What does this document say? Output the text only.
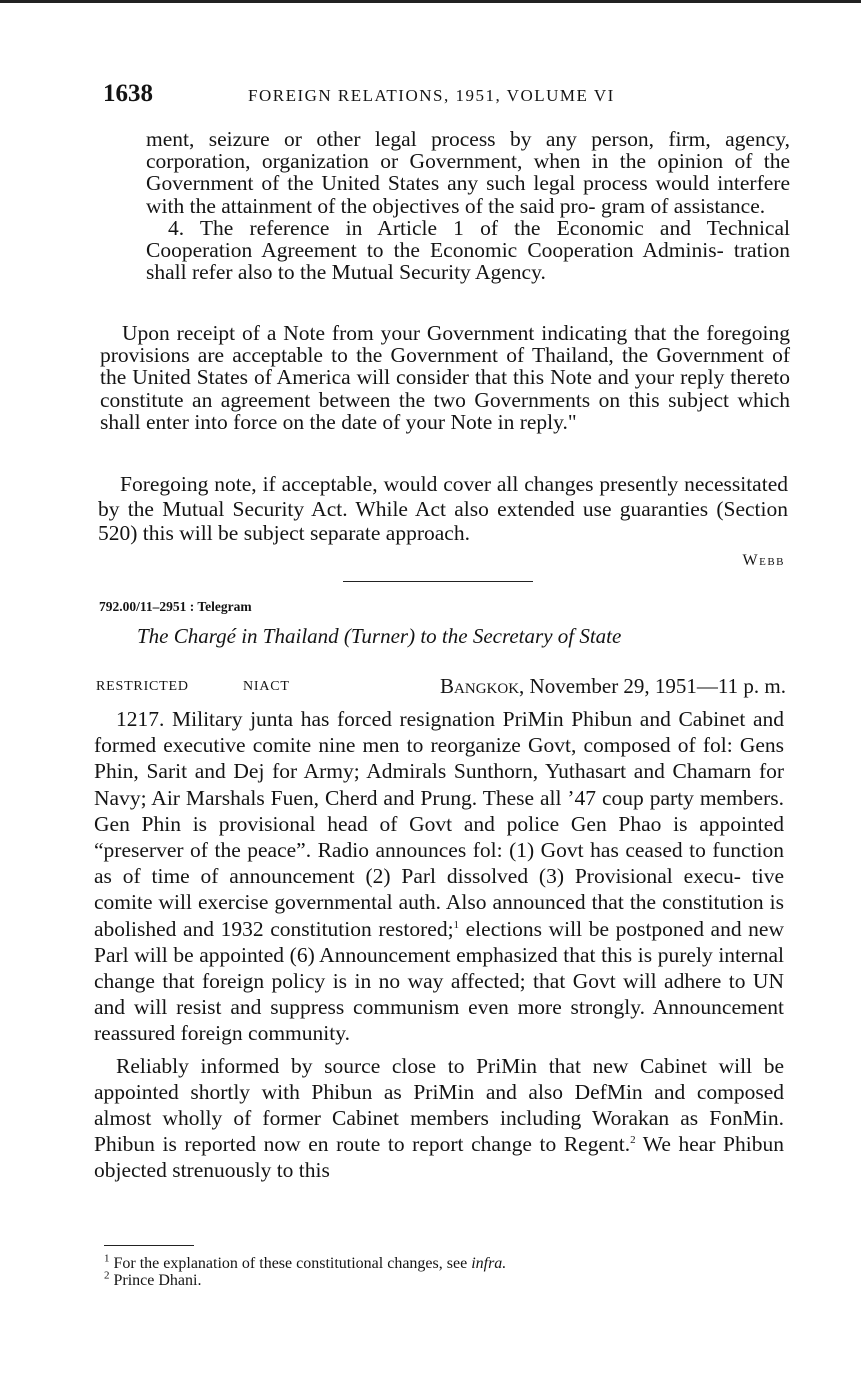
1638	FOREIGN RELATIONS, 1951, VOLUME VI

ment, seizure or other legal process by any person, firm, agency, corporation, organization or Government, when in the opinion of the Government of the United States any such legal process would interfere with the attainment of the objectives of the said pro- gram of assistance.

4. The reference in Article 1 of the Economic and Technical Cooperation Agreement to the Economic Cooperation Adminis- tration shall refer also to the Mutual Security Agency.

Upon receipt of a Note from your Government indicating that the foregoing provisions are acceptable to the Government of Thailand, the Government of the United States of America will consider that this Note and your reply thereto constitute an agreement between the two Governments on this subject which shall enter into force on the date of your Note in reply."

Foregoing note, if acceptable, would cover all changes presently necessitated by the Mutual Security Act. While Act also extended use guaranties (Section 520) this will be subject separate approach.

Webb
792.00/11–2951 : Telegram
The Chargé in Thailand (Turner) to the Secretary of State
RESTRICTED	NIACT	Bangkok, November 29, 1951—11 p. m.

1217. Military junta has forced resignation PriMin Phibun and Cabinet and formed executive comite nine men to reorganize Govt, composed of fol: Gens Phin, Sarit and Dej for Army; Admirals Sunthorn, Yuthasart and Chamarn for Navy; Air Marshals Fuen, Cherd and Prung. These all ’47 coup party members. Gen Phin is provisional head of Govt and police Gen Phao is appointed “preserver of the peace”. Radio announces fol: (1) Govt has ceased to function as of time of announcement (2) Parl dissolved (3) Provisional execu- tive comite will exercise governmental auth. Also announced that the constitution is abolished and 1932 constitution restored;$^1$ elections will be postponed and new Parl will be appointed (6) Announcement emphasized that this is purely internal change that foreign policy is in no way affected; that Govt will adhere to UN and will resist and suppress communism even more strongly. Announcement reassured foreign community.

Reliably informed by source close to PriMin that new Cabinet will be appointed shortly with Phibun as PriMin and also DefMin and composed almost wholly of former Cabinet members including Worakan as FonMin. Phibun is reported now en route to report change to Regent.$^2$ We hear Phibun objected strenuously to this

$^1$ For the explanation of these constitutional changes, see infra.

$^2$ Prince Dhani.
